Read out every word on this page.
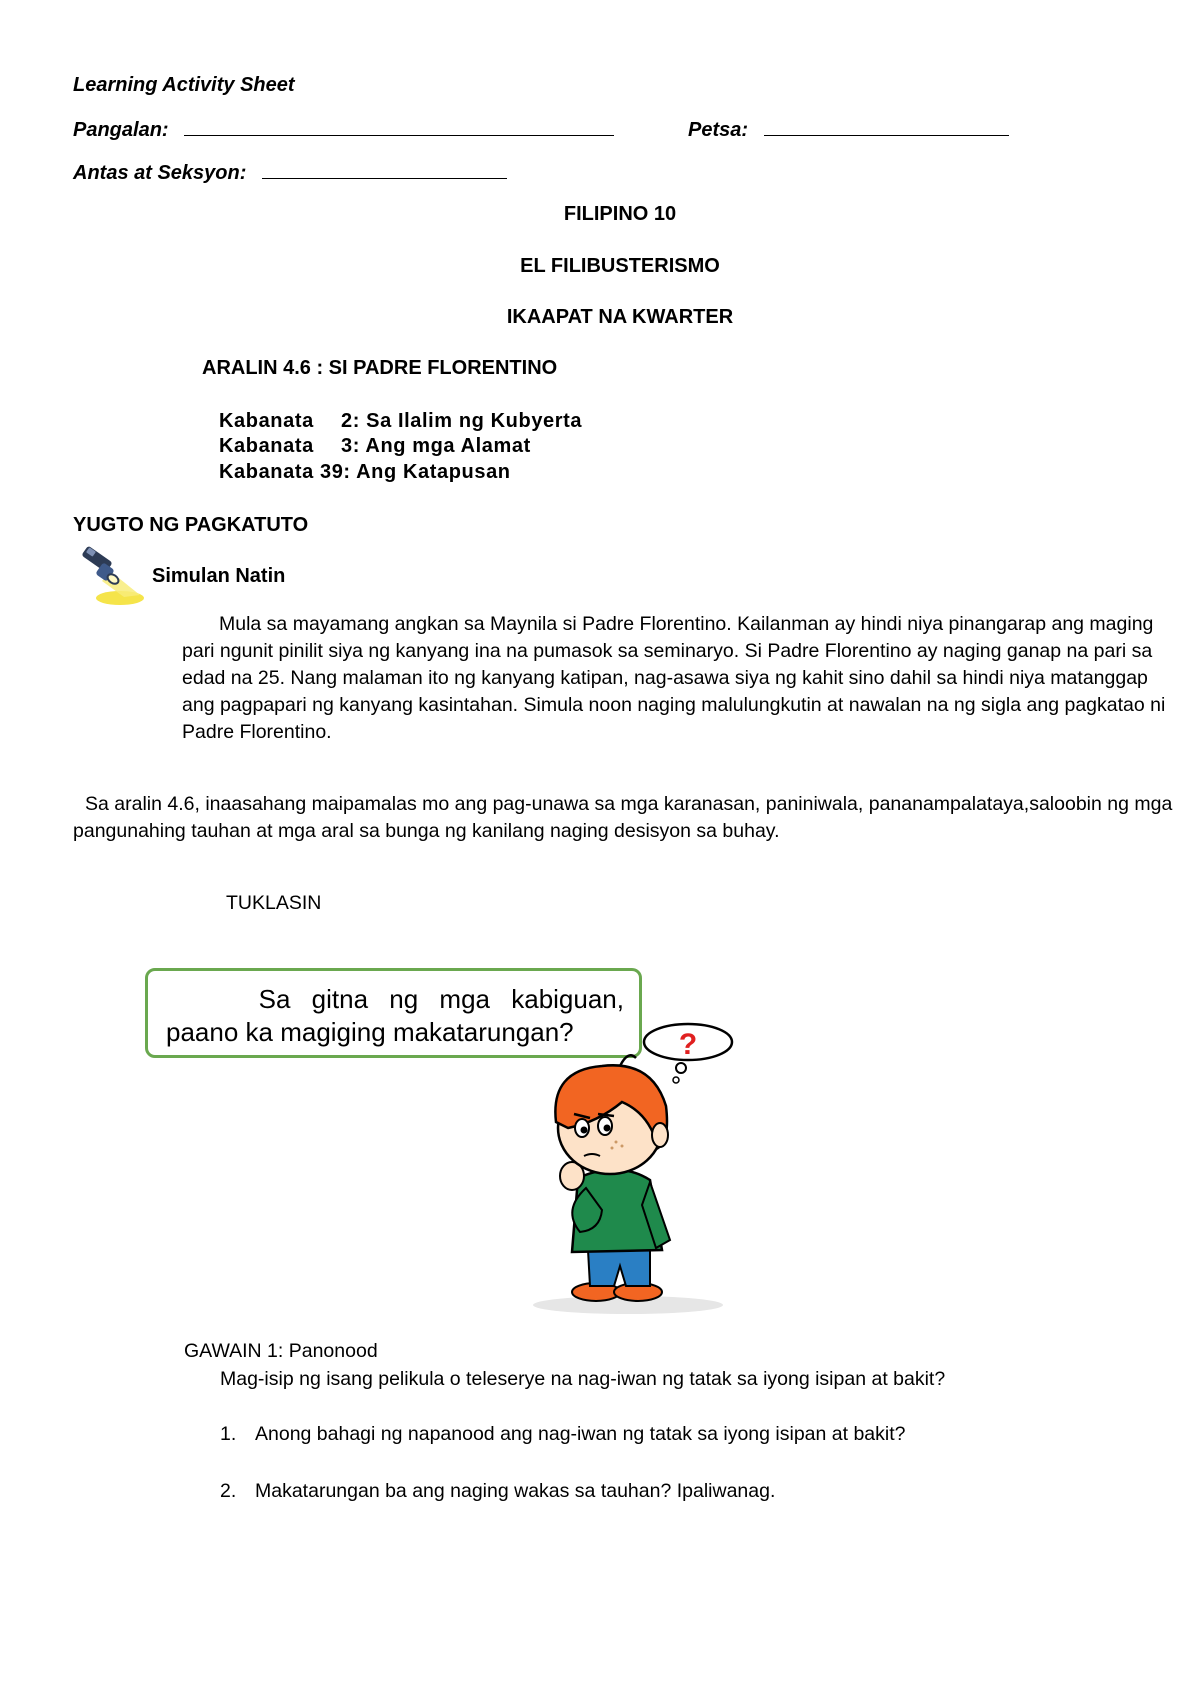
Learning Activity Sheet
Pangalan:	Petsa:
Antas at Seksyon:
FILIPINO 10
EL FILIBUSTERISMO
IKAAPAT NA KWARTER
ARALIN 4.6 : SI PADRE FLORENTINO
Kabanata 2: Sa Ilalim ng Kubyerta
Kabanata 3: Ang mga Alamat
Kabanata 39: Ang Katapusan
YUGTO NG PAGKATUTO
Simulan Natin
Mula sa mayamang angkan sa Maynila si Padre Florentino. Kailanman ay hindi niya pinangarap ang maging pari ngunit pinilit siya ng kanyang ina na pumasok sa seminaryo. Si Padre Florentino ay naging ganap na pari sa edad na 25. Nang malaman ito ng kanyang katipan, nag-asawa siya ng kahit sino dahil sa hindi niya matanggap ang pagpapari ng kanyang kasintahan. Simula noon naging malulungkutin at nawalan na ng sigla ang pagkatao ni Padre Florentino.
Sa aralin 4.6, inaasahang maipamalas mo ang pag-unawa sa mga karanasan, paniniwala, pananampalataya,saloobin ng mga pangunahing tauhan at mga aral sa bunga ng kanilang naging desisyon sa buhay.
TUKLASIN
Sa gitna ng mga kabiguan,
paano ka magiging makatarungan?	?
GAWAIN 1: Panonood
Mag-isip ng isang pelikula o teleserye na nag-iwan ng tatak sa iyong isipan at bakit?
1. Anong bahagi ng napanood ang nag-iwan ng tatak sa iyong isipan at bakit?
2. Makatarungan ba ang naging wakas sa tauhan? Ipaliwanag.
